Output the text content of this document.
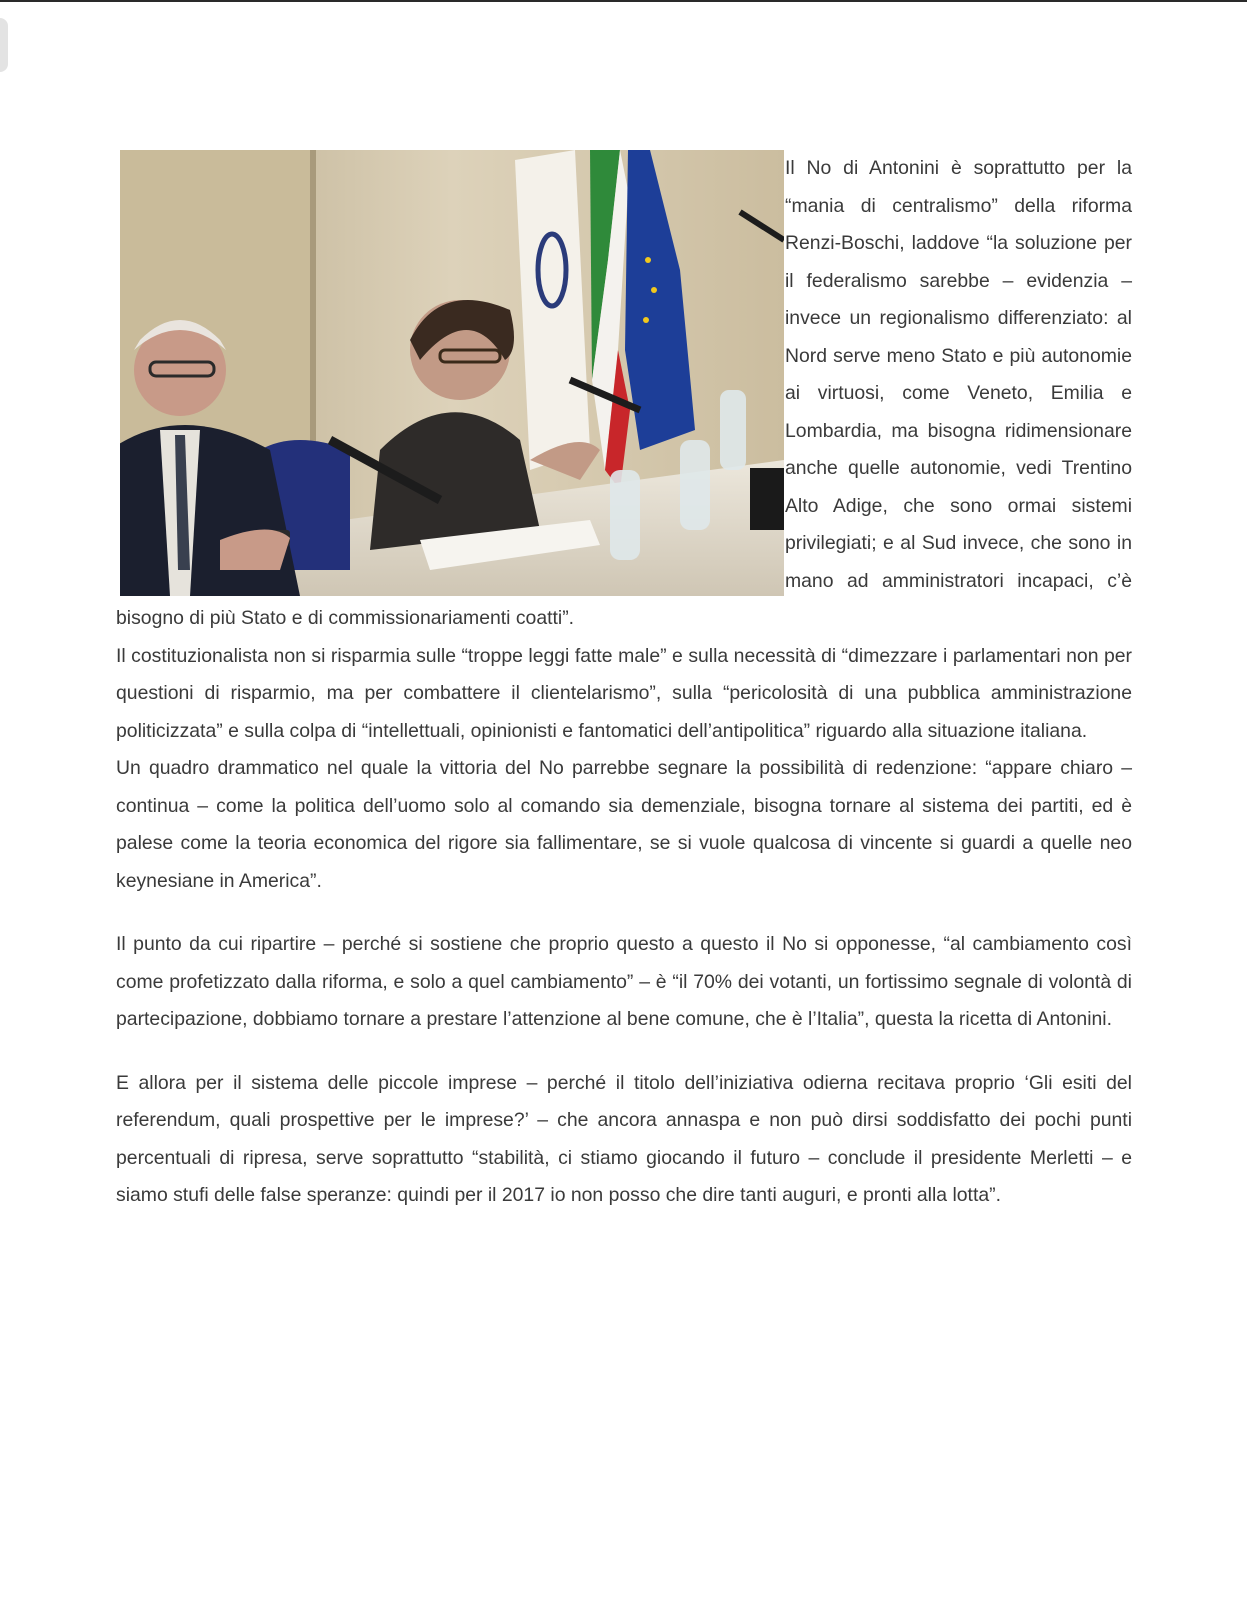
Il No di Antonini è soprattutto per la “mania di centralismo” della riforma Renzi-Boschi, laddove “la soluzione per il federalismo sarebbe – evidenzia – invece un regionalismo differenziato: al Nord serve meno Stato e più autonomie ai virtuosi, come Veneto, Emilia e Lombardia, ma bisogna ridimensionare anche quelle autonomie, vedi Trentino Alto Adige, che sono ormai sistemi privilegiati; e al Sud invece, che sono in mano ad amministratori incapaci, c’è bisogno di più Stato e di commissionariamenti coatti”.

Il costituzionalista non si risparmia sulle “troppe leggi fatte male” e sulla necessità di “dimezzare i parlamentari non per questioni di risparmio, ma per combattere il clientelarismo”, sulla “pericolosità di una pubblica amministrazione politicizzata” e sulla colpa di “intellettuali, opinionisti e fantomatici dell’antipolitica” riguardo alla situazione italiana.

Un quadro drammatico nel quale la vittoria del No parrebbe segnare la possibilità di redenzione: “appare chiaro – continua – come la politica dell’uomo solo al comando sia demenziale, bisogna tornare al sistema dei partiti, ed è palese come la teoria economica del rigore sia fallimentare, se si vuole qualcosa di vincente si guardi a quelle neo keynesiane in America”.

Il punto da cui ripartire – perché si sostiene che proprio questo a questo il No si opponesse, “al cambiamento così come profetizzato dalla riforma, e solo a quel cambiamento” – è “il 70% dei votanti, un fortissimo segnale di volontà di partecipazione, dobbiamo tornare a prestare l’attenzione al bene comune, che è l’Italia”, questa la ricetta di Antonini.

E allora per il sistema delle piccole imprese – perché il titolo dell’iniziativa odierna recitava proprio ‘Gli esiti del referendum, quali prospettive per le imprese?’ – che ancora annaspa e non può dirsi soddisfatto dei pochi punti percentuali di ripresa, serve soprattutto “stabilità, ci stiamo giocando il futuro – conclude il presidente Merletti – e siamo stufi delle false speranze: quindi per il 2017 io non posso che dire tanti auguri, e pronti alla lotta”.
